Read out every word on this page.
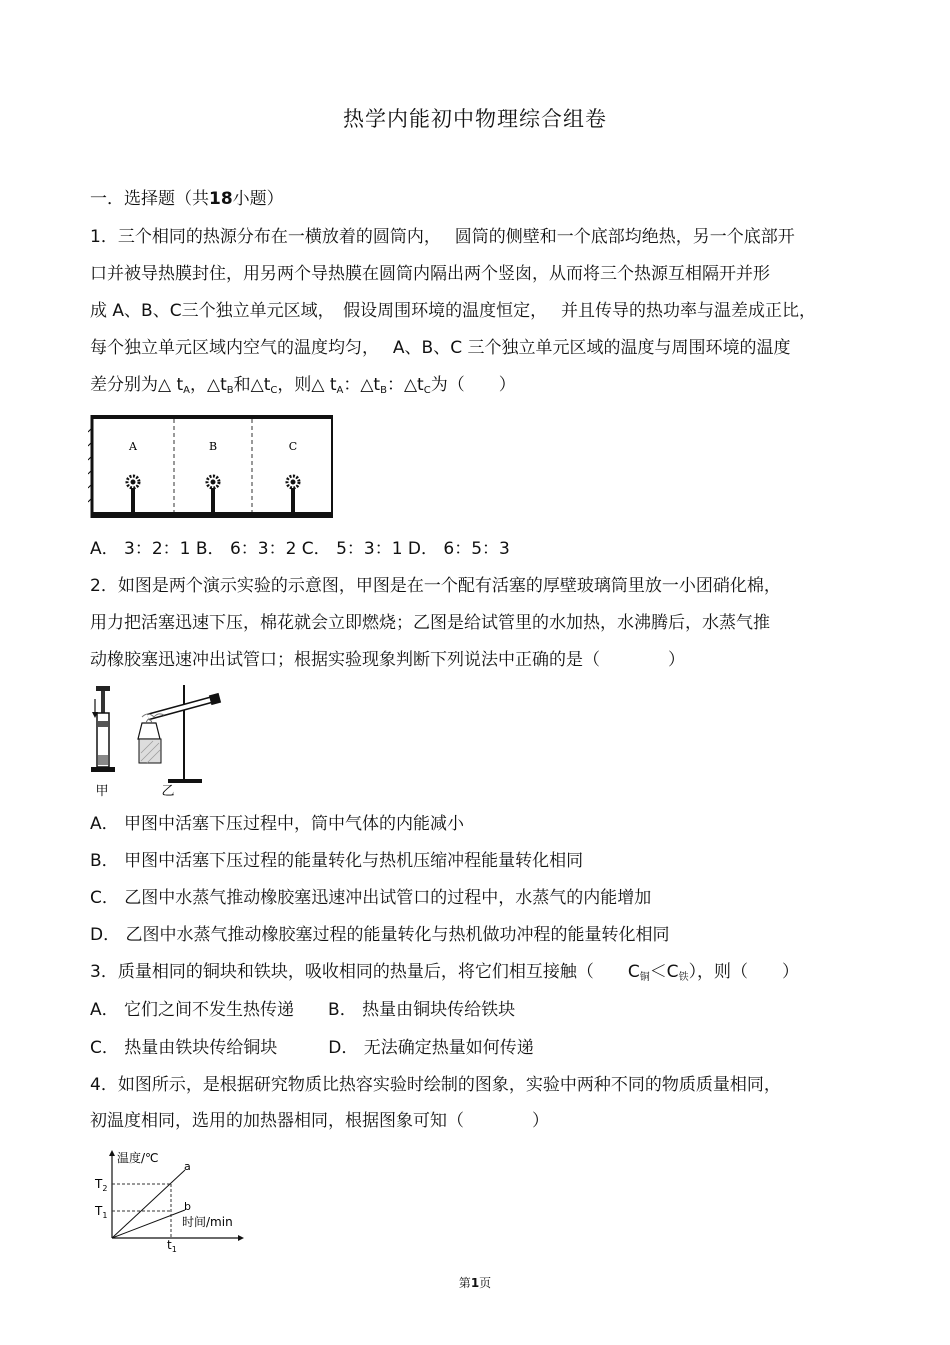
热学内能初中物理综合组卷
一．选择题（共18小题）
1．三个相同的热源分布在一横放着的圆筒内，　 圆筒的侧壁和一个底部均绝热，另一个底部开
口并被导热膜封住，用另两个导热膜在圆筒内隔出两个竖囱，从而将三个热源互相隔开并形
成 A、B、C三个独立单元区域，　假设周围环境的温度恒定，　 并且传导的热功率与温差成正比，
每个独立单元区域内空气的温度均匀，　 A、B、C 三个独立单元区域的温度与周围环境的温度
差分别为△ $t_A$，$\triangle t_B$和$\triangle t_C$，则△ $t_A$：$\triangle t_B$：$\triangle t_C$为（　　）
A	B	C
A． 3：2：1 B． 6：3：2 C． 5：3：1 D． 6：5：3
2．如图是两个演示实验的示意图，甲图是在一个配有活塞的厚壁玻璃筒里放一小团硝化棉，
用力把活塞迅速下压，棉花就会立即燃烧；乙图是给试管里的水加热，水沸腾后，水蒸气推
动橡胶塞迅速冲出试管口；根据实验现象判断下列说法中正确的是（　　　　）
甲	乙
A． 甲图中活塞下压过程中，筒中气体的内能减小
B． 甲图中活塞下压过程的能量转化与热机压缩冲程能量转化相同
C． 乙图中水蒸气推动橡胶塞迅速冲出试管口的过程中，水蒸气的内能增加
D． 乙图中水蒸气推动橡胶塞过程的能量转化与热机做功冲程的能量转化相同
3．质量相同的铜块和铁块，吸收相同的热量后，将它们相互接触（　　$C_铜<C_铁$），则（　　）
A． 它们之间不发生热传递　　B． 热量由铜块传给铁块
C． 热量由铁块传给铜块　　　D． 无法确定热量如何传递
4．如图所示，是根据研究物质比热容实验时绘制的图象，实验中两种不同的物质质量相同，
初温度相同，选用的加热器相同，根据图象可知（　　　　）
温度/℃
时间/min
a
b
$T_2$
$T_1$
$t_1$
第1页
